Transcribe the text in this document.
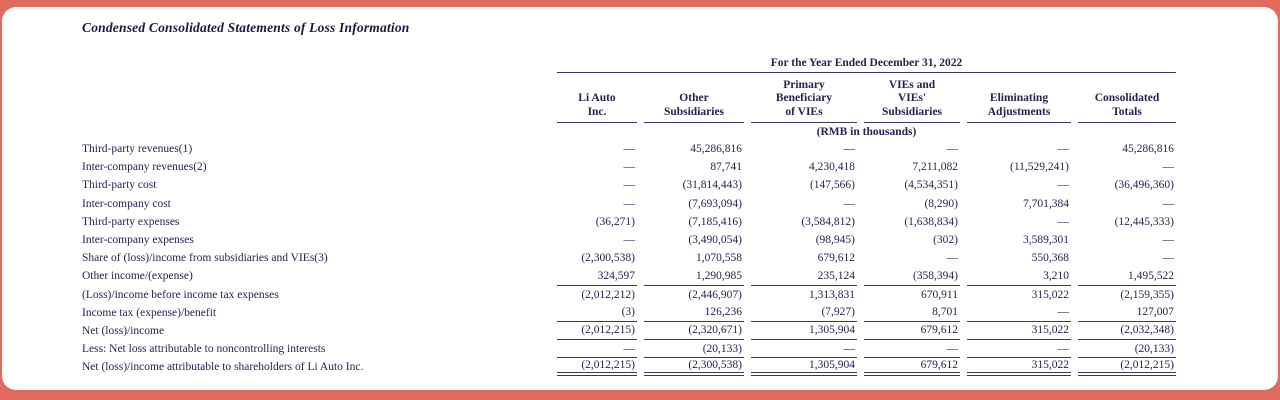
Condensed Consolidated Statements of Loss Information
	For the Year Ended December 31, 2022					
	Li Auto
Inc.	Other
Subsidiaries	Primary
Beneficiary
of VIEs	VIEs and
VIEs'
Subsidiaries	Eliminating
Adjustments	Consolidated
Totals
	(RMB in thousands)					
Third-party revenues(1)	—	45,286,816	—	—	—	45,286,816
Inter-company revenues(2)	—	87,741	4,230,418	7,211,082	(11,529,241)	—
Third-party cost	—	(31,814,443)	(147,566)	(4,534,351)	—	(36,496,360)
Inter-company cost	—	(7,693,094)	—	(8,290)	7,701,384	—
Third-party expenses	(36,271)	(7,185,416)	(3,584,812)	(1,638,834)	—	(12,445,333)
Inter-company expenses	—	(3,490,054)	(98,945)	(302)	3,589,301	—
Share of (loss)/income from subsidiaries and VIEs(3)	(2,300,538)	1,070,558	679,612	—	550,368	—
Other income/(expense)	324,597	1,290,985	235,124	(358,394)	3,210	1,495,522
(Loss)/income before income tax expenses	(2,012,212)	(2,446,907)	1,313,831	670,911	315,022	(2,159,355)
Income tax (expense)/benefit	(3)	126,236	(7,927)	8,701	—	127,007
Net (loss)/income	(2,012,215)	(2,320,671)	1,305,904	679,612	315,022	(2,032,348)
Less: Net loss attributable to noncontrolling interests	—	(20,133)	—	—	—	(20,133)
Net (loss)/income attributable to shareholders of Li Auto Inc.	(2,012,215)	(2,300,538)	1,305,904	679,612	315,022	(2,012,215)
